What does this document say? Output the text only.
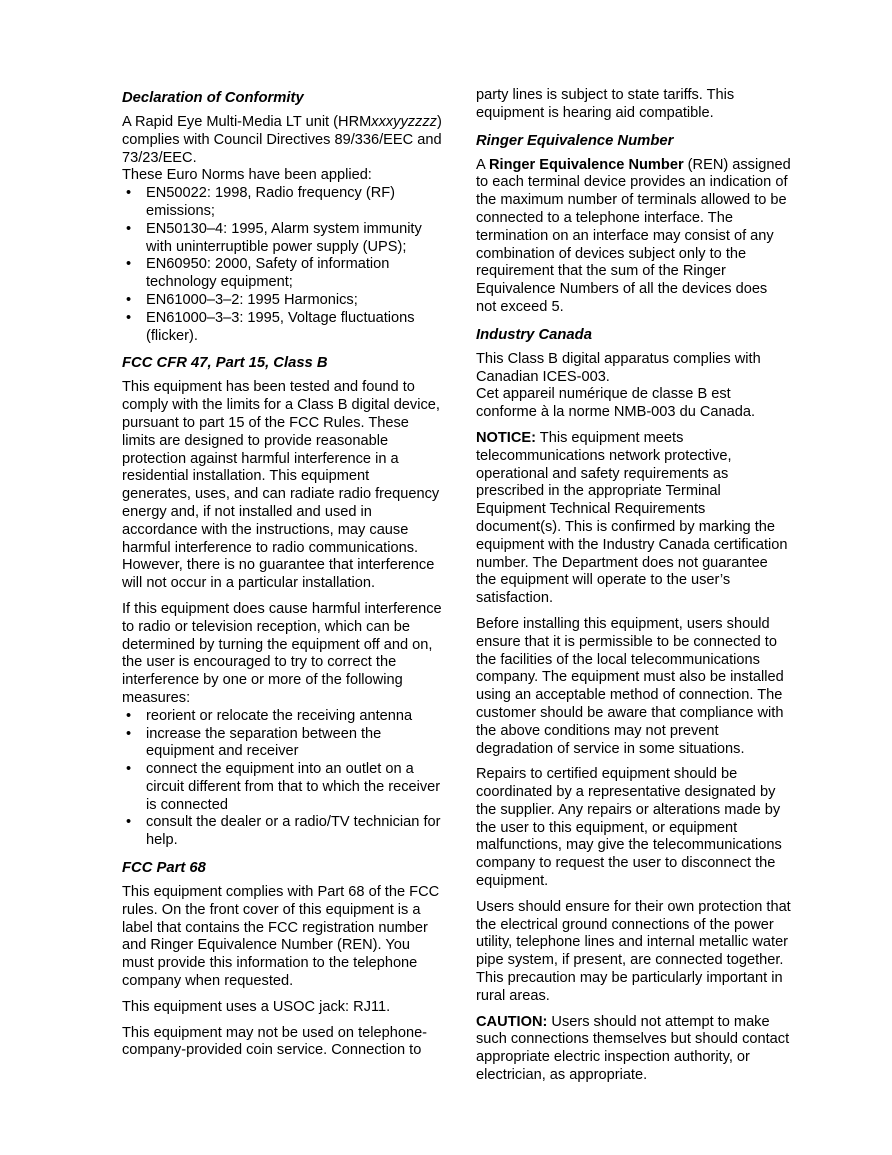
Declaration of Conformity

A Rapid Eye Multi-Media LT unit (HRMxxxyyzzzz) complies with Council Directives 89/336/EEC and 73/23/EEC.

These Euro Norms have been applied:

• EN50022: 1998, Radio frequency (RF) emissions;
• EN50130–4: 1995, Alarm system immunity with uninterruptible power supply (UPS);
• EN60950: 2000, Safety of information technology equipment;
• EN61000–3–2: 1995 Harmonics;
• EN61000–3–3: 1995, Voltage fluctuations (flicker).
FCC CFR 47, Part 15, Class B

This equipment has been tested and found to comply with the limits for a Class B digital device, pursuant to part 15 of the FCC Rules. These limits are designed to provide reasonable protection against harmful interference in a residential installation. This equipment generates, uses, and can radiate radio frequency energy and, if not installed and used in accordance with the instructions, may cause harmful interference to radio communications. However, there is no guarantee that interference will not occur in a particular installation.

If this equipment does cause harmful interference to radio or television reception, which can be determined by turning the equipment off and on, the user is encouraged to try to correct the interference by one or more of the following measures:

• reorient or relocate the receiving antenna
• increase the separation between the equipment and receiver
• connect the equipment into an outlet on a circuit different from that to which the receiver is connected
• consult the dealer or a radio/TV technician for help.
FCC Part 68

This equipment complies with Part 68 of the FCC rules. On the front cover of this equipment is a label that contains the FCC registration number and Ringer Equivalence Number (REN). You must provide this information to the telephone company when requested.

This equipment uses a USOC jack: RJ11.

This equipment may not be used on telephone-company-provided coin service. Connection to

party lines is subject to state tariffs. This equipment is hearing aid compatible.

Ringer Equivalence Number

A Ringer Equivalence Number (REN) assigned to each terminal device provides an indication of the maximum number of terminals allowed to be connected to a telephone interface. The termination on an interface may consist of any combination of devices subject only to the requirement that the sum of the Ringer Equivalence Numbers of all the devices does not exceed 5.

Industry Canada

This Class B digital apparatus complies with Canadian ICES-003.

Cet appareil numérique de classe B est conforme à la norme NMB-003 du Canada.

NOTICE: This equipment meets telecommunications network protective, operational and safety requirements as prescribed in the appropriate Terminal Equipment Technical Requirements document(s). This is confirmed by marking the equipment with the Industry Canada certification number. The Department does not guarantee the equipment will operate to the user’s satisfaction.

Before installing this equipment, users should ensure that it is permissible to be connected to the facilities of the local telecommunications company. The equipment must also be installed using an acceptable method of connection. The customer should be aware that compliance with the above conditions may not prevent degradation of service in some situations.

Repairs to certified equipment should be coordinated by a representative designated by the supplier. Any repairs or alterations made by the user to this equipment, or equipment malfunctions, may give the telecommunications company to request the user to disconnect the equipment.

Users should ensure for their own protection that the electrical ground connections of the power utility, telephone lines and internal metallic water pipe system, if present, are connected together. This precaution may be particularly important in rural areas.

CAUTION: Users should not attempt to make such connections themselves but should contact appropriate electric inspection authority, or electrician, as appropriate.
